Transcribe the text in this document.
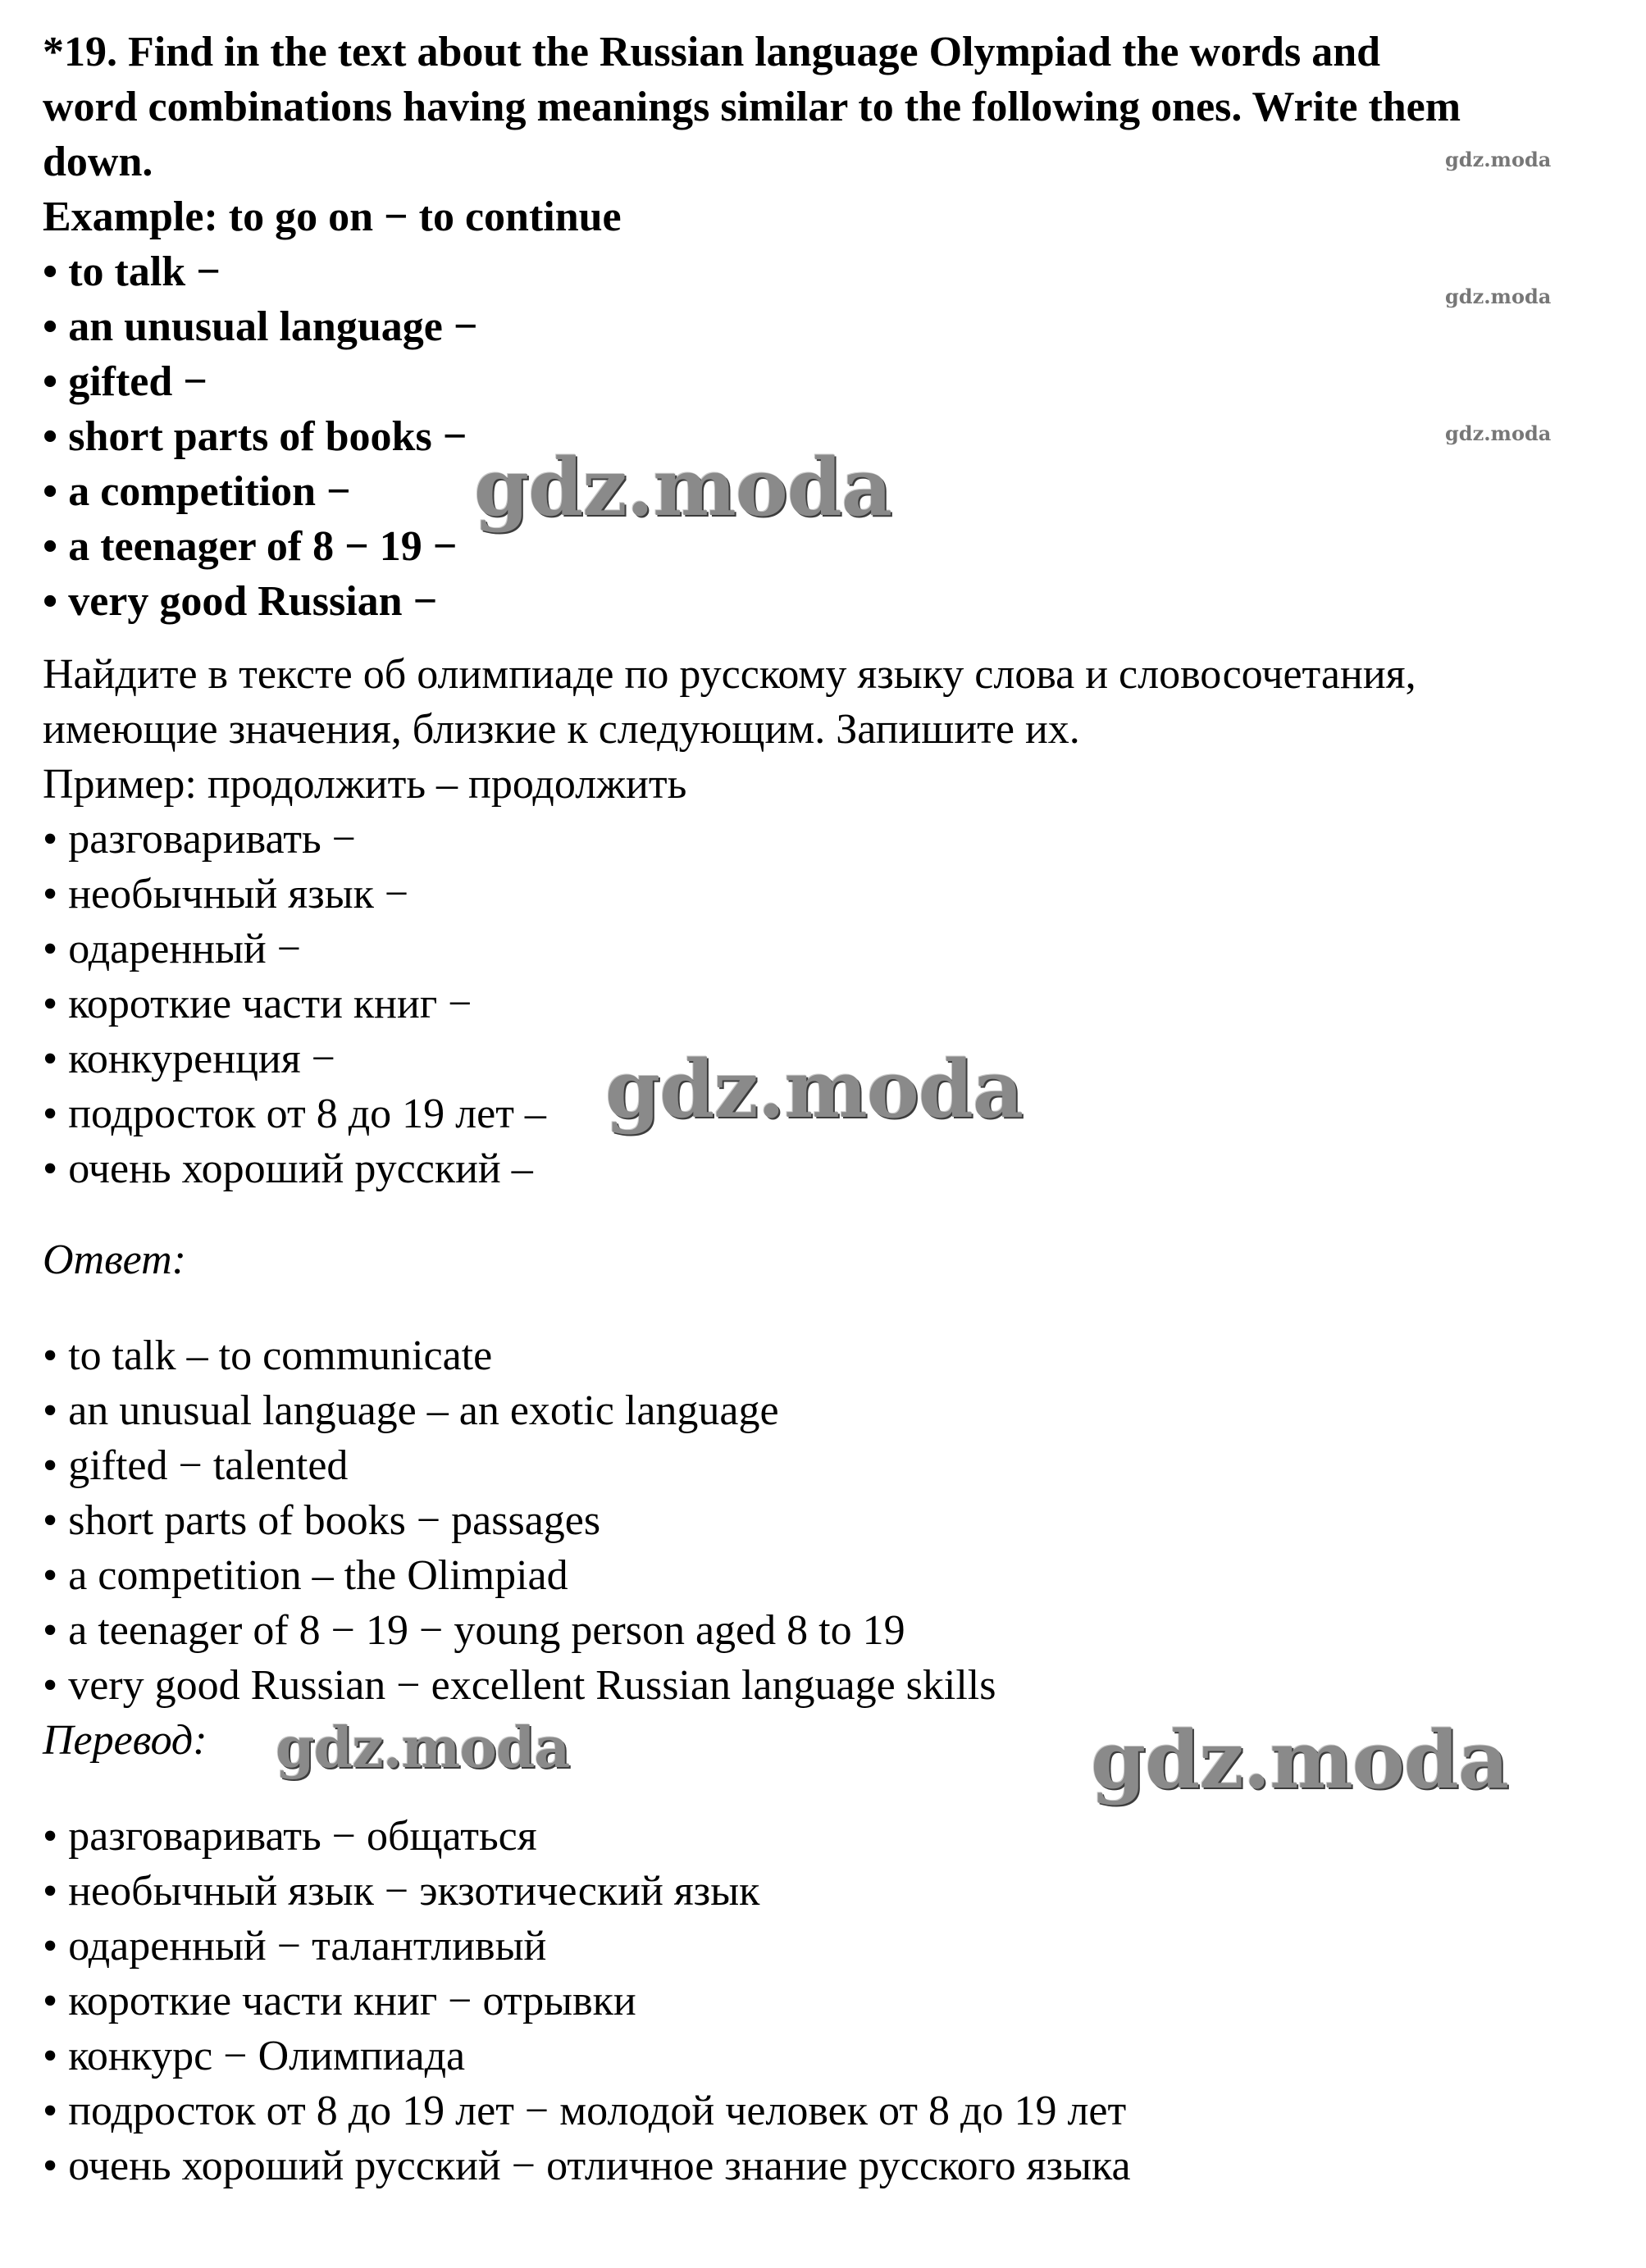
*19. Find in the text about the Russian language Olympiad the words and

word combinations having meanings similar to the following ones. Write them

down.

Example: to go on − to continue

• to talk −

• an unusual language −

• gifted −

• short parts of books −

• a competition −

• a teenager of 8 − 19 −

• very good Russian −

Найдите в тексте об олимпиаде по русскому языку слова и словосочетания,

имеющие значения, близкие к следующим. Запишите их.

Пример: продолжить – продолжить

• разговаривать −

• необычный язык −

• одаренный −

• короткие части книг −

• конкуренция −

• подросток от 8 до 19 лет –

• очень хороший русский –

Ответ:

• to talk – to communicate

• an unusual language – an exotic language

• gifted − talented

• short parts of books − passages

• a competition – the Olimpiad

• a teenager of 8 − 19 − young person aged 8 to 19

• very good Russian − excellent Russian language skills

Перевод:

• разговаривать − общаться

• необычный язык − экзотический язык

• одаренный − талантливый

• короткие части книг − отрывки

• конкурс − Олимпиада

• подросток от 8 до 19 лет − молодой человек от 8 до 19 лет

• очень хороший русский − отличное знание русского языка

gdz.moda
gdz.moda
gdz.moda
gdz.moda
gdz.moda
gdz.moda	gdz.moda
